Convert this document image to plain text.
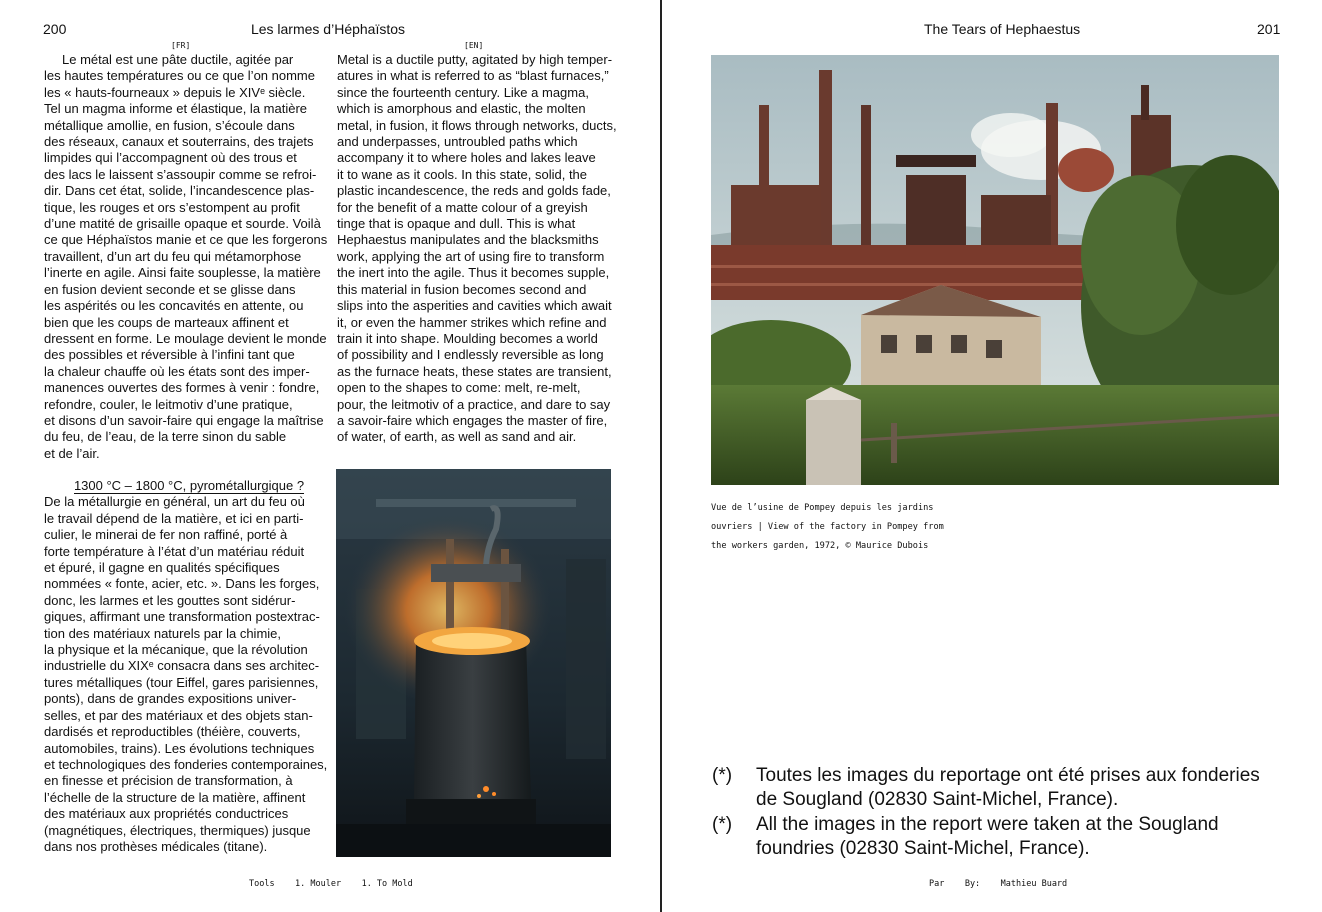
200	Les larmes d’Héphaïstos
[FR]	[EN]

Le métal est une pâte ductile, agitée par

les hautes températures ou ce que l’on nomme

les « hauts-fourneaux » depuis le XIVᵉ siècle.

Tel un magma informe et élastique, la matière

métallique amollie, en fusion, s’écoule dans

des réseaux, canaux et souterrains, des trajets

limpides qui l’accompagnent où des trous et

des lacs le laissent s’assoupir comme se refroi-

dir. Dans cet état, solide, l’incandescence plas-

tique, les rouges et ors s’estompent au profit

d’une matité de grisaille opaque et sourde. Voilà

ce que Héphaïstos manie et ce que les forgerons

travaillent, d’un art du feu qui métamorphose

l’inerte en agile. Ainsi faite souplesse, la matière

en fusion devient seconde et se glisse dans

les aspérités ou les concavités en attente, ou

bien que les coups de marteaux affinent et

dressent en forme. Le moulage devient le monde

des possibles et réversible à l’infini tant que

la chaleur chauffe où les états sont des imper-

manences ouvertes des formes à venir : fondre,

refondre, couler, le leitmotiv d’une pratique,

et disons d’un savoir-faire qui engage la maîtrise

du feu, de l’eau, de la terre sinon du sable

et de l’air.

1300 °C – 1800 °C, pyrométallurgique ?

De la métallurgie en général, un art du feu où

le travail dépend de la matière, et ici en parti-

culier, le minerai de fer non raffiné, porté à

forte température à l’état d’un matériau réduit

et épuré, il gagne en qualités spécifiques

nommées « fonte, acier, etc. ». Dans les forges,

donc, les larmes et les gouttes sont sidérur-

giques, affirmant une transformation postextrac-

tion des matériaux naturels par la chimie,

la physique et la mécanique, que la révolution

industrielle du XIXᵉ consacra dans ses architec-

tures métalliques (tour Eiffel, gares parisiennes,

ponts), dans de grandes expositions univer-

selles, et par des matériaux et des objets stan-

dardisés et reproductibles (théière, couverts,

automobiles, trains). Les évolutions techniques

et technologiques des fonderies contemporaines,

en finesse et précision de transformation, à

l’échelle de la structure de la matière, affinent

des matériaux aux propriétés conductrices

(magnétiques, électriques, thermiques) jusque

dans nos prothèses médicales (titane).

Metal is a ductile putty, agitated by high temper-

atures in what is referred to as “blast furnaces,”

since the fourteenth century. Like a magma,

which is amorphous and elastic, the molten

metal, in fusion, it flows through networks, ducts,

and underpasses, untroubled paths which

accompany it to where holes and lakes leave

it to wane as it cools. In this state, solid, the

plastic incandescence, the reds and golds fade,

for the benefit of a matte colour of a greyish

tinge that is opaque and dull. This is what

Hephaestus manipulates and the blacksmiths

work, applying the art of using fire to transform

the inert into the agile. Thus it becomes supple,

this material in fusion becomes second and

slips into the asperities and cavities which await

it, or even the hammer strikes which refine and

train it into shape. Moulding becomes a world

of possibility and I endlessly reversible as long

as the furnace heats, these states are transient,

open to the shapes to come: melt, re-melt,

pour, the leitmotiv of a practice, and dare to say

a savoir-faire which engages the master of fire,

of water, of earth, as well as sand and air.

Tools    1. Mouler    1. To Mold
The Tears of Hephaestus	201

Vue de l’usine de Pompey depuis les jardins

ouvriers | View of the factory in Pompey from

the workers garden, 1972, © Maurice Dubois

(*) Toutes les images du reportage ont été prises aux fonderies de Sougland (02830 Saint-Michel, France).
(*) All the images in the report were taken at the Sougland foundries (02830 Saint-Michel, France).
Par    By:    Mathieu Buard
